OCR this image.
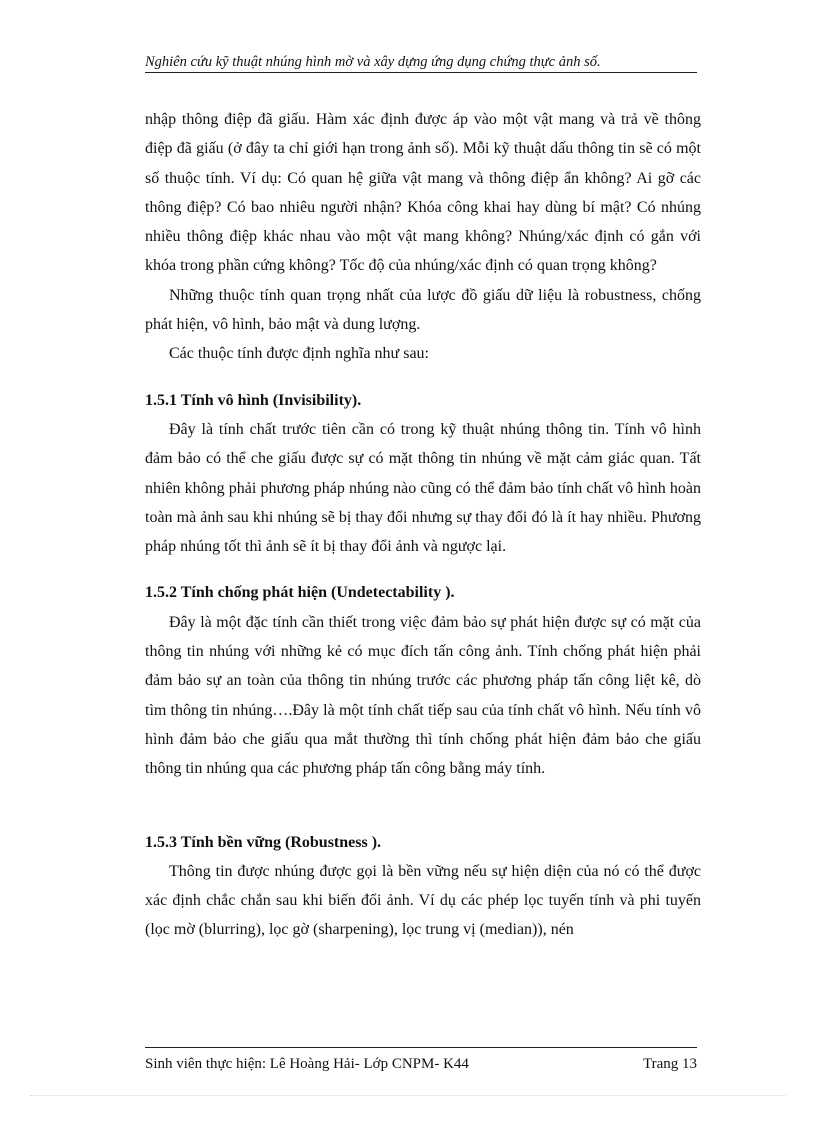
Nghiên cứu kỹ thuật nhúng hình mờ và xây dựng ứng dụng chứng thực ảnh số.

nhập thông điệp đã giấu. Hàm xác định được áp vào một vật mang và trả về thông điệp đã giấu (ở đây ta chỉ giới hạn trong ảnh số). Mỗi kỹ thuật dấu thông tin sẽ có một số thuộc tính. Ví dụ: Có quan hệ giữa vật mang và thông điệp ẩn không? Ai gỡ các thông điệp? Có bao nhiêu người nhận? Khóa công khai hay dùng bí mật? Có nhúng nhiều thông điệp khác nhau vào một vật mang không? Nhúng/xác định có gắn với khóa trong phần cứng không? Tốc độ của nhúng/xác định có quan trọng không?

Những thuộc tính quan trọng nhất của lược đồ giấu dữ liệu là robustness, chống phát hiện, vô hình, bảo mật và dung lượng.

Các thuộc tính được định nghĩa như sau:

1.5.1 Tính vô hình (Invisibility).

Đây là tính chất trước tiên cần có trong kỹ thuật nhúng thông tin. Tính vô hình đảm bảo có thể che giấu được sự có mặt thông tin nhúng về mặt cảm giác quan. Tất nhiên không phải phương pháp nhúng nào cũng có thể đảm bảo tính chất vô hình hoàn toàn mà ảnh sau khi nhúng sẽ bị thay đổi nhưng sự thay đổi đó là ít hay nhiều. Phương pháp nhúng tốt thì ảnh sẽ ít bị thay đổi ảnh và ngược lại.

1.5.2 Tính chống phát hiện (Undetectability ).

Đây là một đặc tính cần thiết trong việc đảm bảo sự phát hiện được sự có mặt của thông tin nhúng với những kẻ có mục đích tấn công ảnh. Tính chống phát hiện phải đảm bảo sự an toàn của thông tin nhúng trước các phương pháp tấn công liệt kê, dò tìm thông tin nhúng….Đây là một tính chất tiếp sau của tính chất vô hình. Nếu tính vô hình đảm bảo che giấu qua mắt thường thì tính chống phát hiện đảm bảo che giấu thông tin nhúng qua các phương pháp tấn công bằng máy tính.

1.5.3 Tính bền vững (Robustness ).

Thông tin được nhúng được gọi là bền vững nếu sự hiện diện của nó có thể được xác định chắc chắn sau khi biến đổi ảnh. Ví dụ các phép lọc tuyến tính và phi tuyến (lọc mờ (blurring), lọc gờ (sharpening), lọc trung vị (median)), nén

Sinh viên thực hiện: Lê Hoàng Hải- Lớp CNPM- K44	Trang 13
